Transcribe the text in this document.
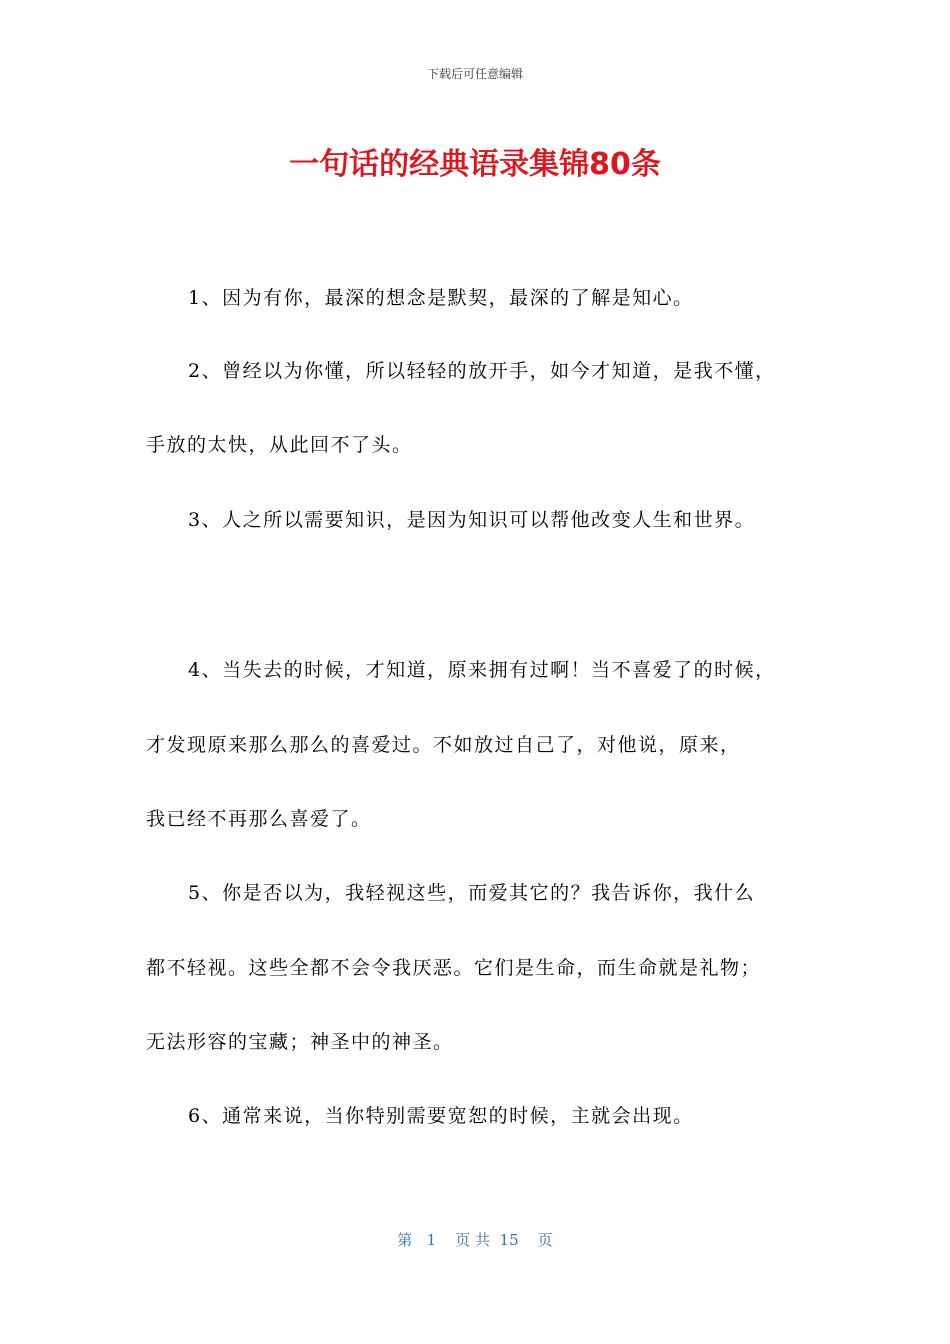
下载后可任意编辑
一句话的经典语录集锦80条
1、因为有你，最深的想念是默契，最深的了解是知心。
2、曾经以为你懂，所以轻轻的放开手，如今才知道，是我不懂，
手放的太快，从此回不了头。
3、人之所以需要知识，是因为知识可以帮他改变人生和世界。
4、当失去的时候，才知道，原来拥有过啊！当不喜爱了的时候，
才发现原来那么那么的喜爱过。不如放过自己了，对他说，原来，
我已经不再那么喜爱了。
5、你是否以为，我轻视这些，而爱其它的？我告诉你，我什么
都不轻视。这些全都不会令我厌恶。它们是生命，而生命就是礼物；
无法形容的宝藏；神圣中的神圣。
6、通常来说，当你特别需要宽恕的时候，主就会出现。
第   1    页 共  15    页
